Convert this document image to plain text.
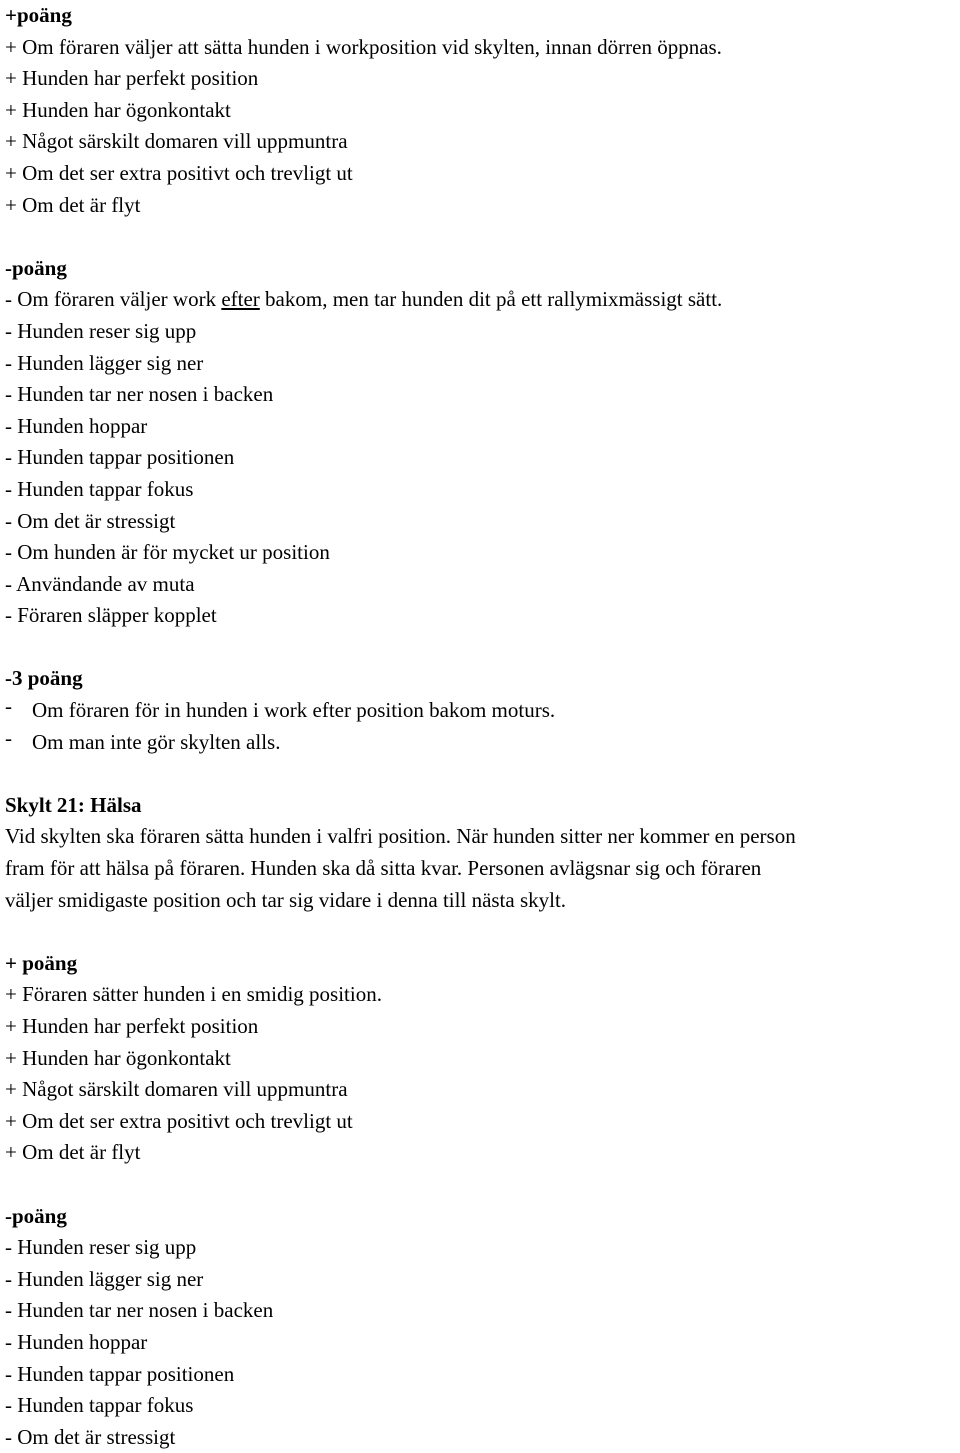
+poäng
+ Om föraren väljer att sätta hunden i workposition vid skylten, innan dörren öppnas.
+ Hunden har perfekt position
+ Hunden har ögonkontakt
+ Något särskilt domaren vill uppmuntra
+ Om det ser extra positivt och trevligt ut
+ Om det är flyt
-poäng
- Om föraren väljer work efter bakom, men tar hunden dit på ett rallymixmässigt sätt.
- Hunden reser sig upp
- Hunden lägger sig ner
- Hunden tar ner nosen i backen
- Hunden hoppar
- Hunden tappar positionen
- Hunden tappar fokus
- Om det är stressigt
- Om hunden är för mycket ur position
- Användande av muta
- Föraren släpper kopplet
-3 poäng
- Om föraren för in hunden i work efter position bakom moturs.
- Om man inte gör skylten alls.
Skylt 21: Hälsa
Vid skylten ska föraren sätta hunden i valfri position. När hunden sitter ner kommer en person
fram för att hälsa på föraren. Hunden ska då sitta kvar. Personen avlägsnar sig och föraren
väljer smidigaste position och tar sig vidare i denna till nästa skylt.
+ poäng
+ Föraren sätter hunden i en smidig position.
+ Hunden har perfekt position
+ Hunden har ögonkontakt
+ Något särskilt domaren vill uppmuntra
+ Om det ser extra positivt och trevligt ut
+ Om det är flyt
-poäng
- Hunden reser sig upp
- Hunden lägger sig ner
- Hunden tar ner nosen i backen
- Hunden hoppar
- Hunden tappar positionen
- Hunden tappar fokus
- Om det är stressigt
